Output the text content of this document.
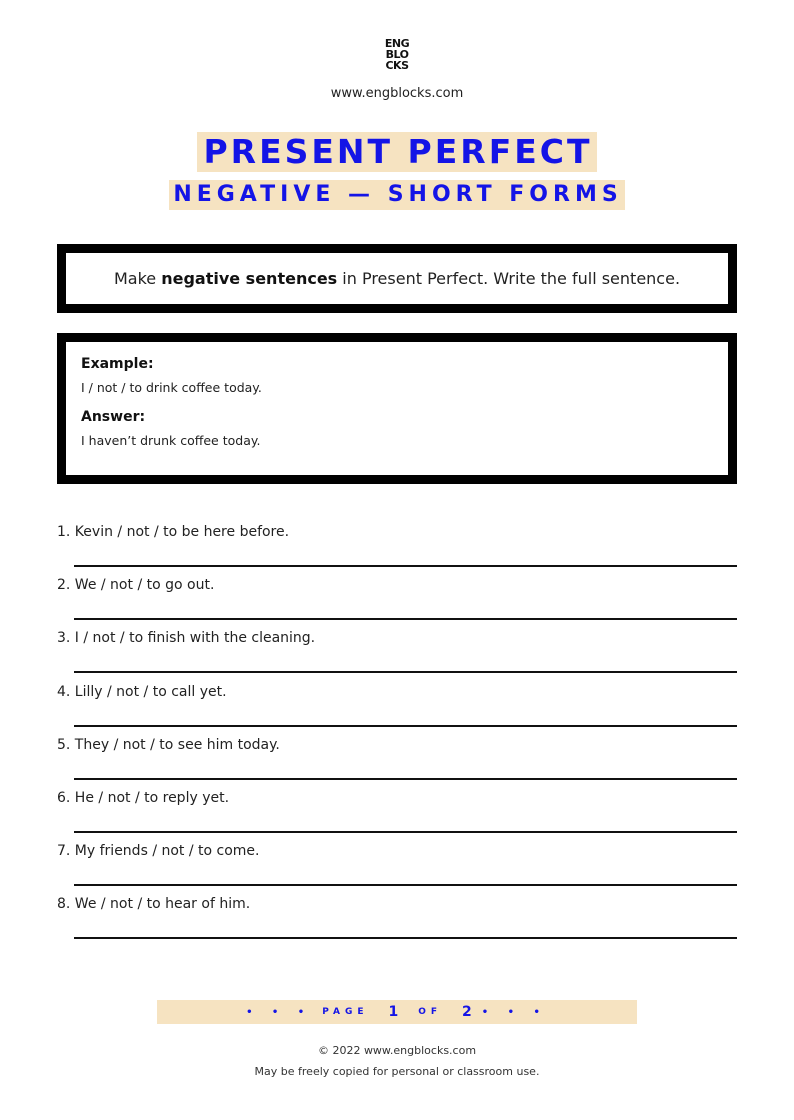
ENG
BLO
CKS
www.engblocks.com
PRESENT PERFECT
NEGATIVE — SHORT FORMS
Make negative sentences in Present Perfect. Write the full sentence.
Example:
I / not / to drink coffee today.
Answer:
I haven’t drunk coffee today.
1. Kevin / not / to be here before.
2. We / not / to go out.
3. I / not / to finish with the cleaning.
4. Lilly / not / to call yet.
5. They / not / to see him today.
6. He / not / to reply yet.
7. My friends / not / to come.
8. We / not / to hear of him.
• • • PAGE 1 OF 2 • • •
© 2022 www.engblocks.com
May be freely copied for personal or classroom use.
